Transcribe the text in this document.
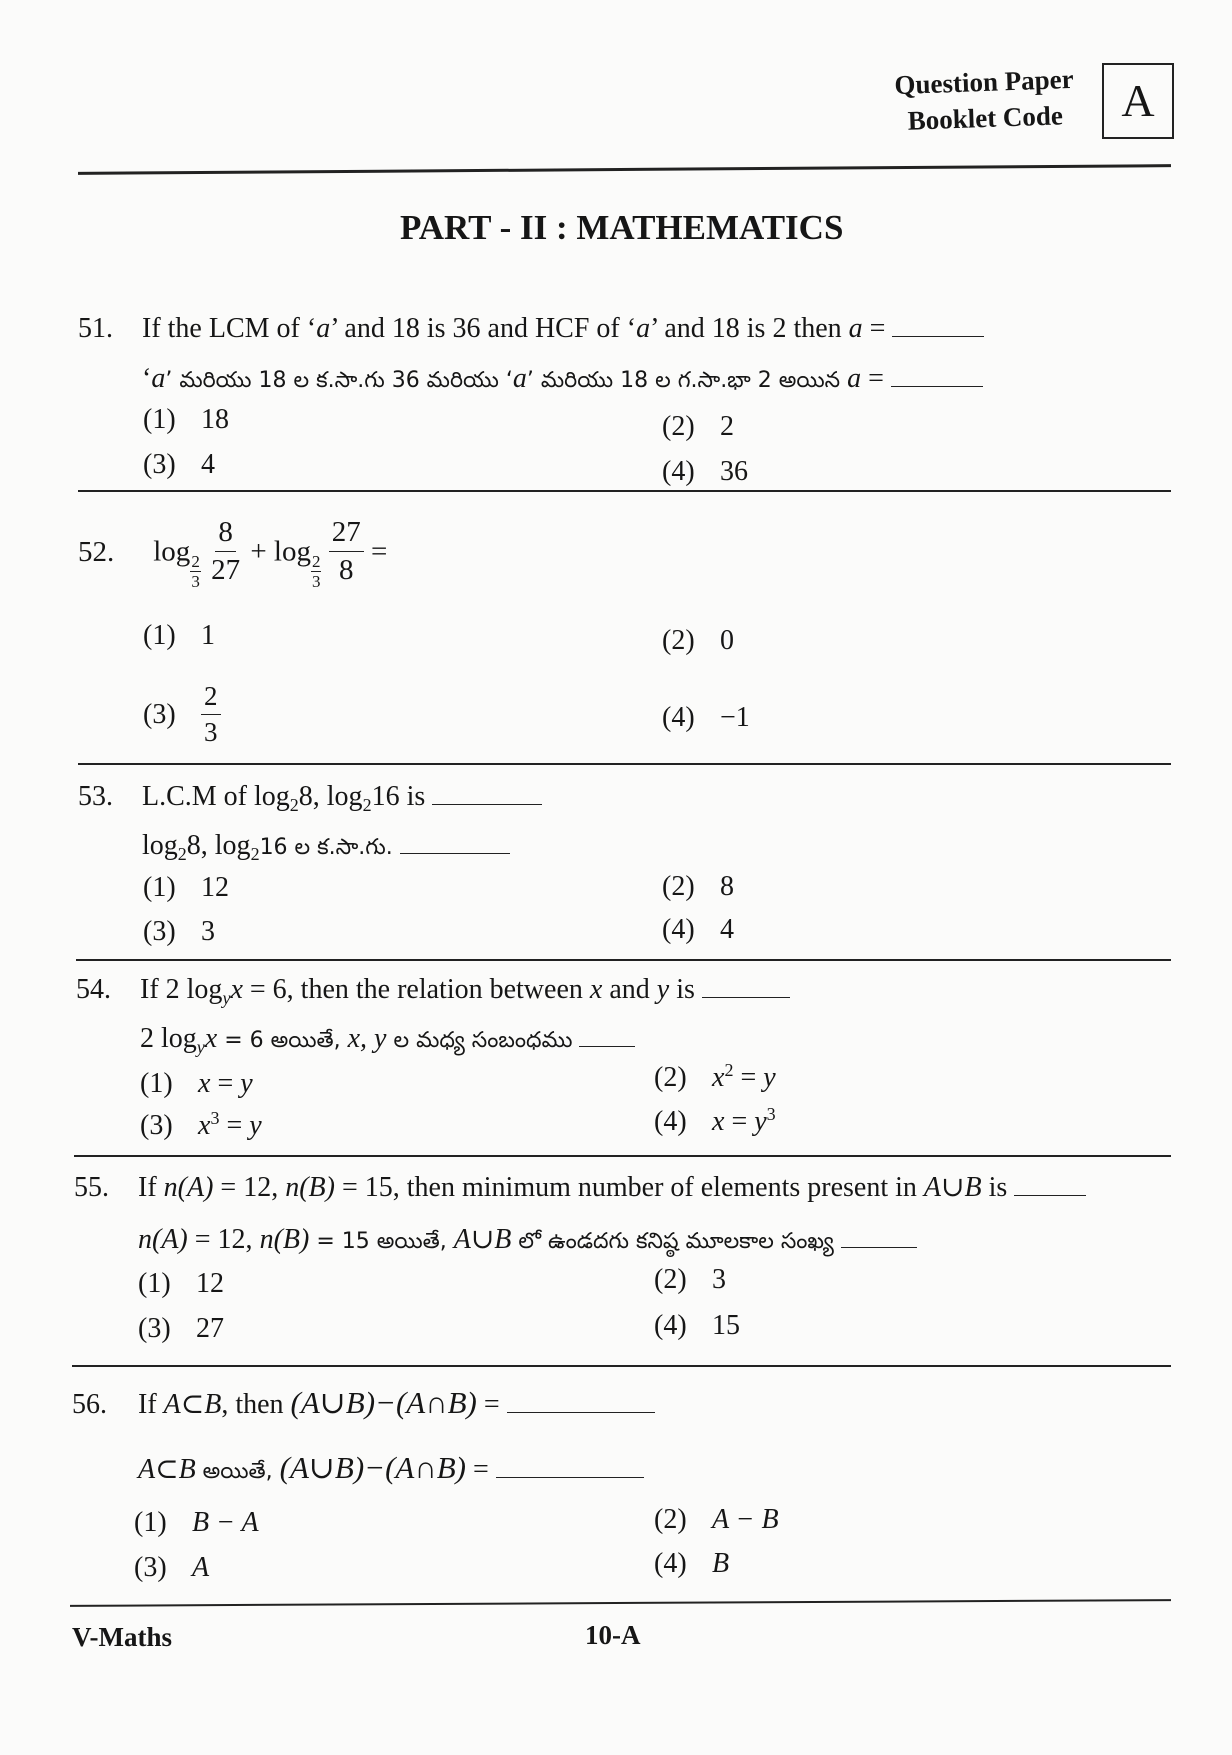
Question Paper
Booklet Code	A
PART - II : MATHEMATICS
51. If the LCM of ‘a’ and 18 is 36 and HCF of ‘a’ and 18 is 2 then a =
‘a’ మరియు 18 ల క.సా.గు 36 మరియు ‘a’ మరియు 18 ల గ.సా.భా 2 అయిన a =
(1) 18	(2) 2
(3) 4	(4) 36
52. log
$\frac{2}{3}$
$\frac{8}{27} + \log$
$\frac{2}{3}$
$\frac{27}{8}$ =
(1) 1	(2) 0
$(3) \frac{2}{3}$	(4) −1
53. L.C.M of $\log_28$, $\log_216$ is
$\log_28$, $\log_216$ ల క.సా.గు.
(1) 12	(2) 8
(3) 3	(4) 4
54. If 2 $\log_yx = 6$, then the relation between x and y is
2 $\log_yx = 6$ అయితే, x, y ల మధ్య సంబంధము
(1) x = y	(2) $x^2 = y$
(3) $x^3 = y$	(4) $x = y^3$
55. If n(A) = 12, n(B) = 15, then minimum number of elements present in A∪B is
n(A) = 12, n(B) = 15 అయితే, A∪B లో ఉండదగు కనిష్ఠ మూలకాల సంఖ్య
(1) 12	(2) 3
(3) 27	(4) 15
56. If A⊂B, then (A∪B)−(A∩B) =
A⊂B అయితే, (A∪B)−(A∩B) =
(1) B − A	(2) A − B
(3) A	(4) B
V-Maths	10-A
